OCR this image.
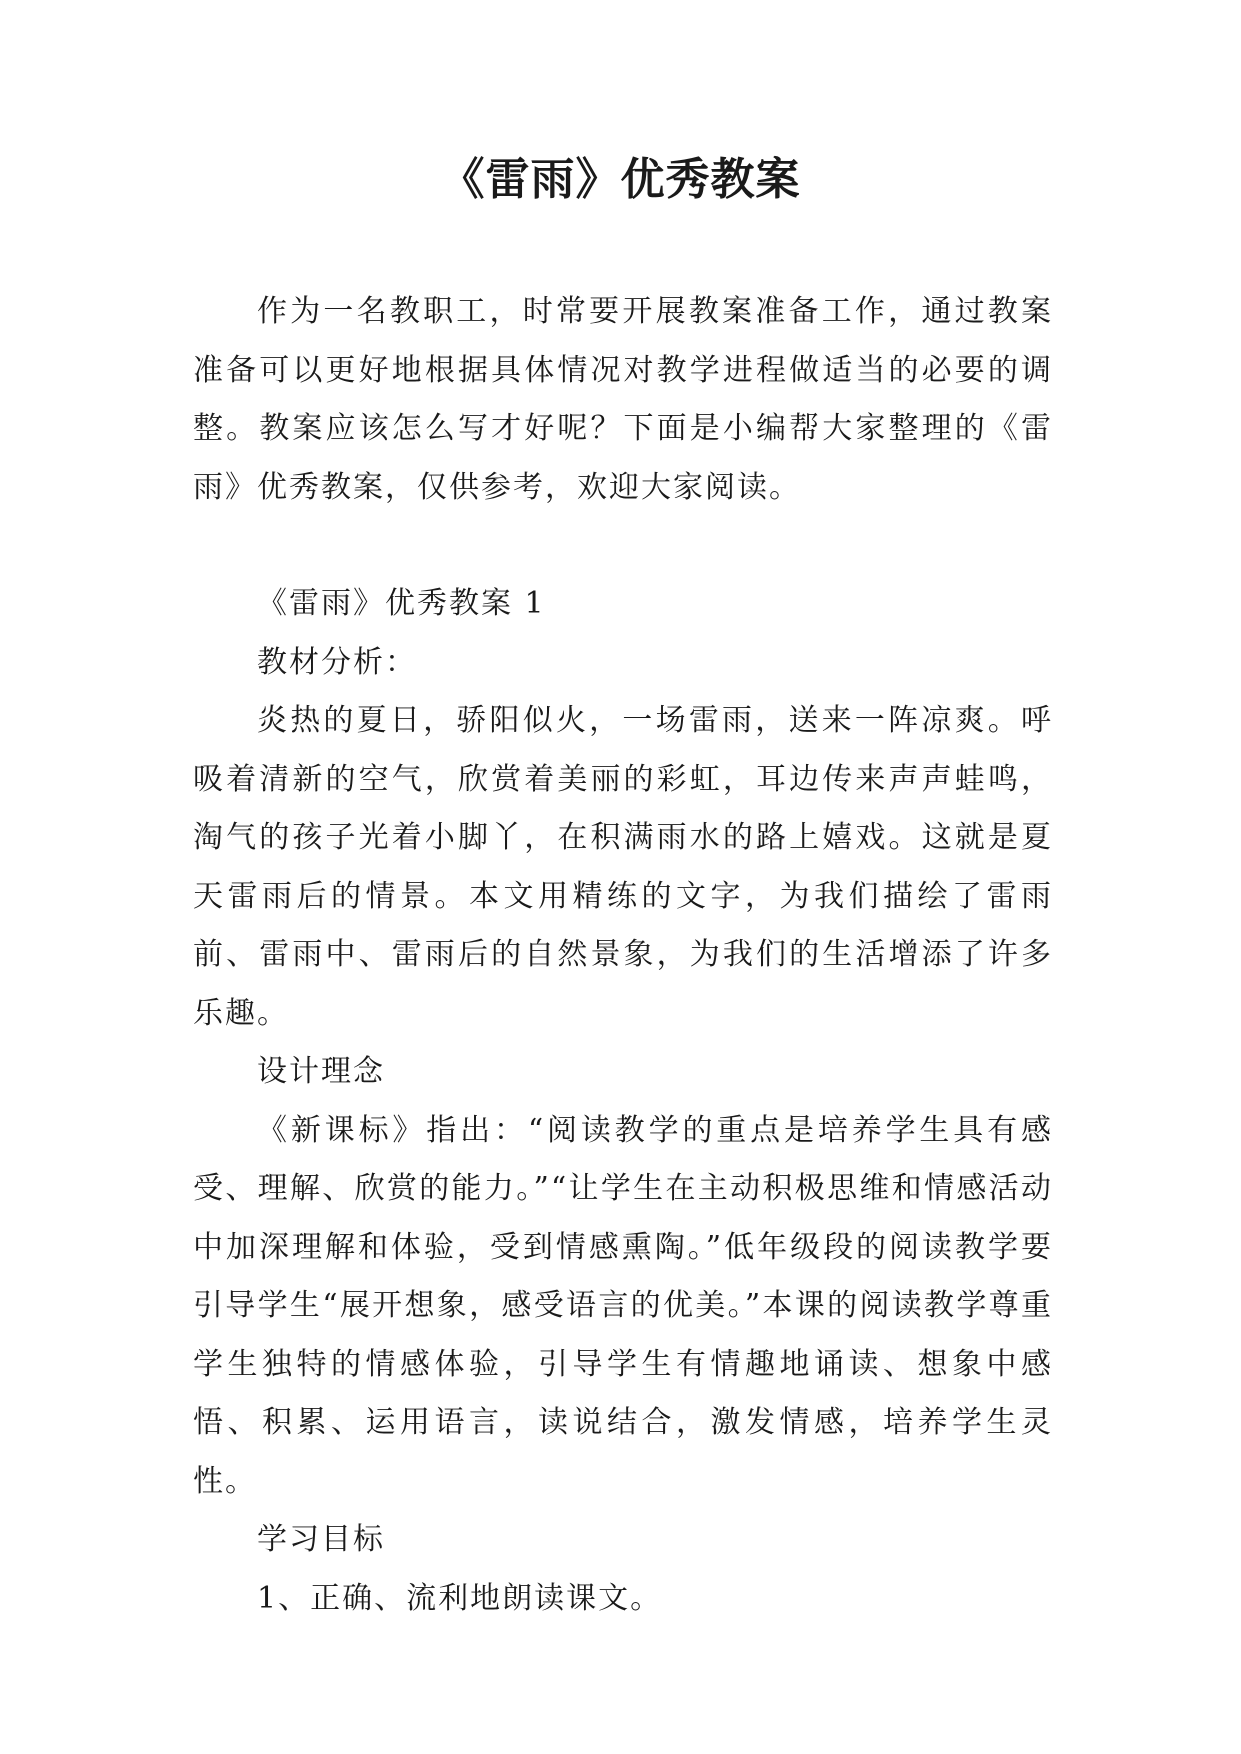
《雷雨》优秀教案

作为一名教职工，时常要开展教案准备工作，通过教案准备可以更好地根据具体情况对教学进程做适当的必要的调整。教案应该怎么写才好呢？下面是小编帮大家整理的《雷雨》优秀教案，仅供参考，欢迎大家阅读。

《雷雨》优秀教案 1

教材分析：

炎热的夏日，骄阳似火，一场雷雨，送来一阵凉爽。呼吸着清新的空气，欣赏着美丽的彩虹，耳边传来声声蛙鸣，淘气的孩子光着小脚丫，在积满雨水的路上嬉戏。这就是夏天雷雨后的情景。本文用精练的文字，为我们描绘了雷雨前、雷雨中、雷雨后的自然景象，为我们的生活增添了许多乐趣。

设计理念

《新课标》指出：“阅读教学的重点是培养学生具有感受、理解、欣赏的能力。”“让学生在主动积极思维和情感活动中加深理解和体验，受到情感熏陶。”低年级段的阅读教学要引导学生“展开想象，感受语言的优美。”本课的阅读教学尊重学生独特的情感体验，引导学生有情趣地诵读、想象中感悟、积累、运用语言，读说结合，激发情感，培养学生灵性。

学习目标

1、正确、流利地朗读课文。
